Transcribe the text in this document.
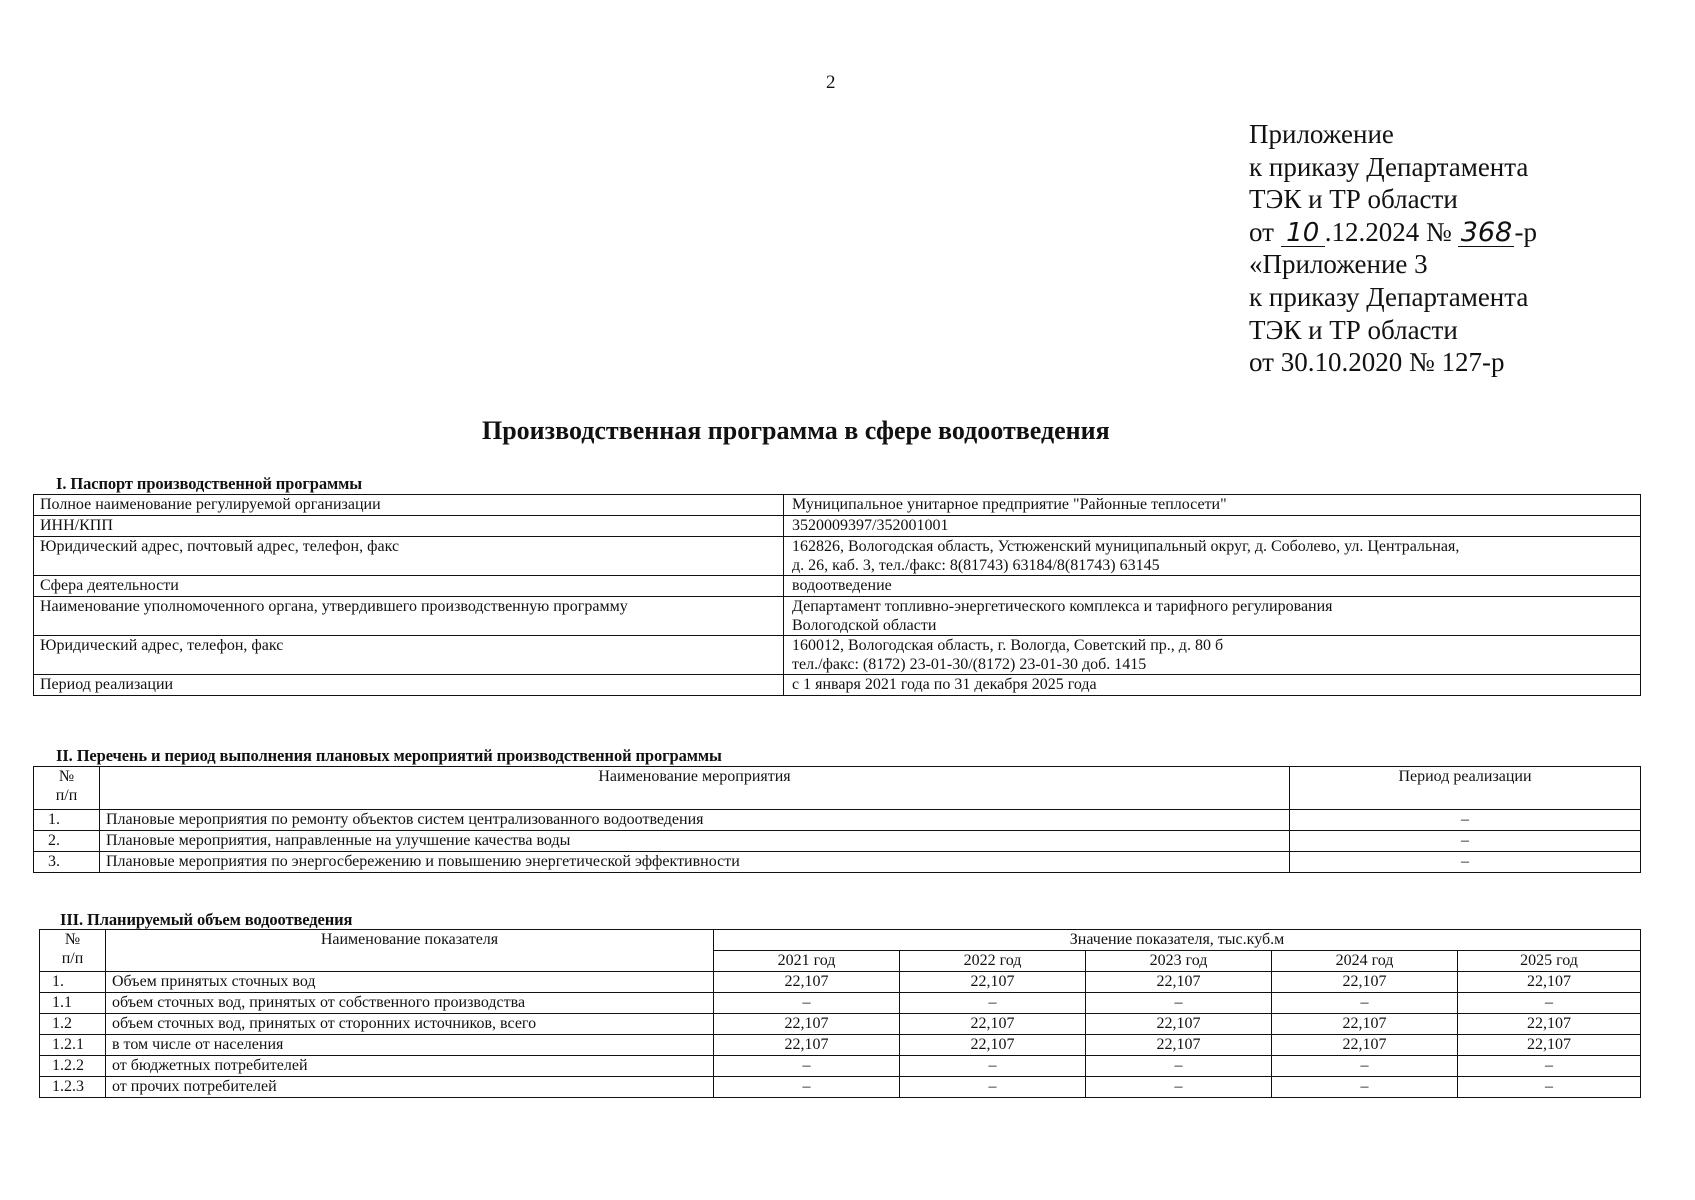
2
Приложение
к приказу Департамента
ТЭК и ТР области
от 10 .12.2024 № 368-р
«Приложение 3
к приказу Департамента
ТЭК и ТР области
от 30.10.2020 № 127-р
Производственная программа в сфере водоотведения
I. Паспорт производственной программы
Полное наименование регулируемой организации	Муниципальное унитарное предприятие "Районные теплосети"
ИНН/КПП	3520009397/352001001
Юридический адрес, почтовый адрес, телефон, факс	162826, Вологодская область, Устюженский муниципальный округ, д. Соболево, ул. Центральная,
д. 26, каб. 3, тел./факс: 8(81743) 63184/8(81743) 63145

Сфера деятельности	водоотведение
Наименование уполномоченного органа, утвердившего производственную программу	Департамент топливно-энергетического комплекса и тарифного регулирования
Вологодской области

Юридический адрес, телефон, факс	160012, Вологодская область, г. Вологда, Советский пр., д. 80 б
тел./факс: (8172) 23-01-30/(8172) 23-01-30 доб. 1415

Период реализации	с 1 января 2021 года по 31 декабря 2025 года
II. Перечень и период выполнения плановых мероприятий производственной программы
№
п/п	Наименование мероприятия	Период реализации
1.	Плановые мероприятия по ремонту объектов систем централизованного водоотведения	–
2.	Плановые мероприятия, направленные на улучшение качества воды	–
3.	Плановые мероприятия по энергосбережению и повышению энергетической эффективности	–
III. Планируемый объем водоотведения
№
п/п	Наименование показателя	Значение показателя, тыс.куб.м				
		2021 год	2022 год	2023 год	2024 год	2025 год
1.	Объем принятых сточных вод	22,107	22,107	22,107	22,107	22,107
1.1	объем сточных вод, принятых от собственного производства	–	–	–	–	–
1.2	объем сточных вод, принятых от сторонних источников, всего	22,107	22,107	22,107	22,107	22,107
1.2.1	в том числе от населения	22,107	22,107	22,107	22,107	22,107
1.2.2	от бюджетных потребителей	–	–	–	–	–
1.2.3	от прочих потребителей	–	–	–	–	–
